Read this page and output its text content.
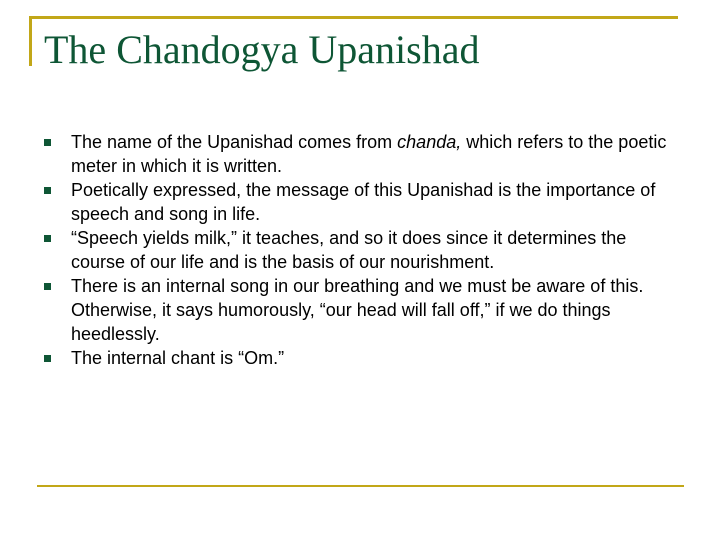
The Chandogya Upanishad
The name of the Upanishad comes from chanda, which refers to the poetic meter in which it is written.
Poetically expressed, the message of this Upanishad is the importance of speech and song in life.
“Speech yields milk,” it teaches, and so it does since it determines the course of our life and is the basis of our nourishment.
There is an internal song in our breathing and we must be aware of this. Otherwise, it says humorously, “our head will fall off,” if we do things heedlessly.
The internal chant is “Om.”
